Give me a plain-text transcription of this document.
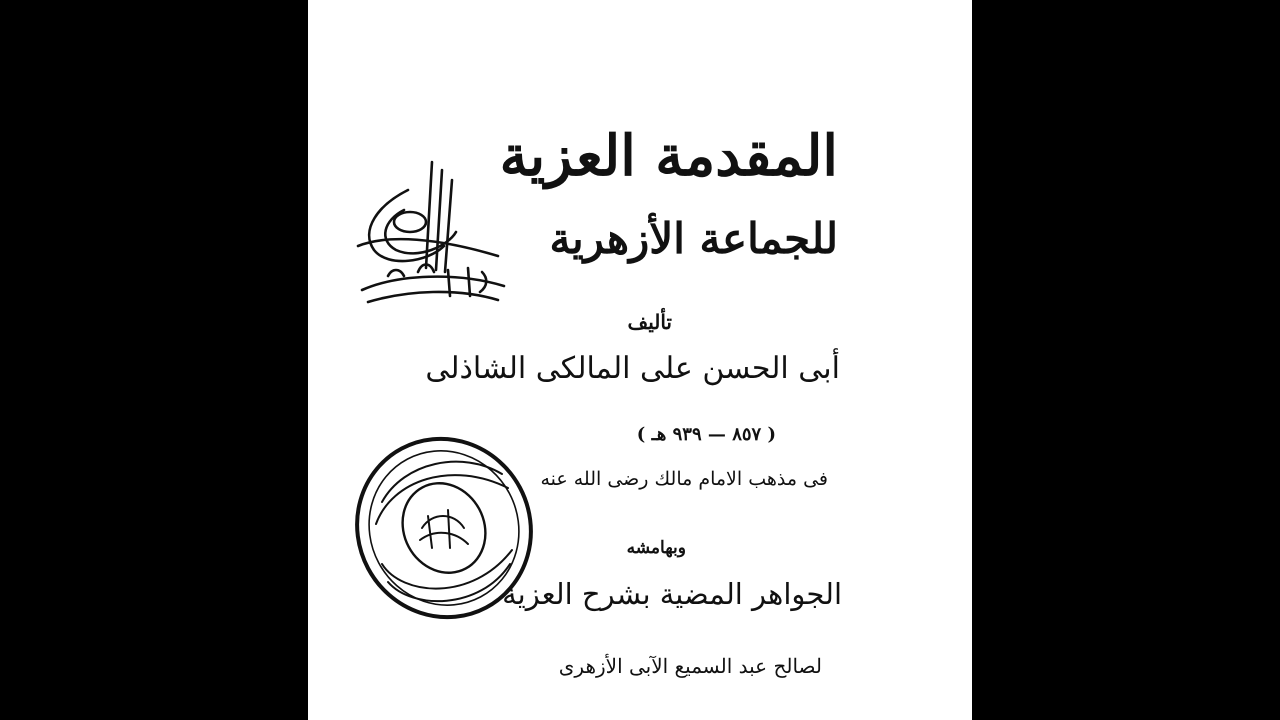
المقدمة العزية
للجماعة الأزهرية
تأليف
أبى الحسن على المالكى الشاذلى
( ٨٥٧ — ٩٣٩ هـ )
فى مذهب الامام مالك رضى الله عنه
وبهامشه
الجواهر المضية بشرح العزية
لصالح عبد السميع الآبى الأزهرى
